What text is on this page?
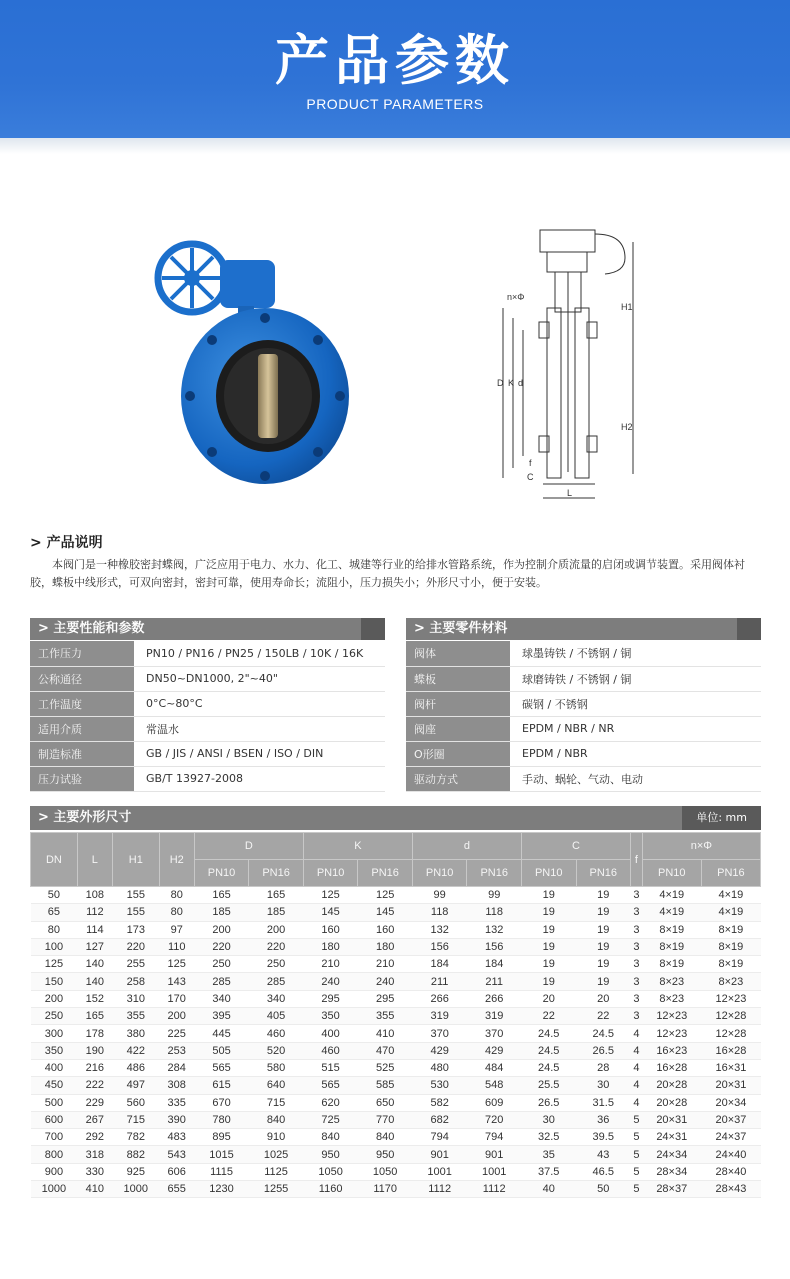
产品参数
PRODUCT PARAMETERS
n×Φ
H1
H2
D K d
f
C
L
> 产品说明
本阀门是一种橡胶密封蝶阀，广泛应用于电力、水力、化工、城建等行业的给排水管路系统，作为控制介质流量的启闭或调节装置。采用阀体衬胶，蝶板中线形式，可双向密封，密封可靠，使用寿命长；流阻小，压力损失小；外形尺寸小，便于安装。
> 主要性能和参数
工作压力	PN10 / PN16 / PN25 / 150LB / 10K / 16K
公称通径	DN50~DN1000, 2"~40"
工作温度	0°C~80°C
适用介质	常温水
制造标准	GB / JIS / ANSI / BSEN / ISO / DIN
压力试验	GB/T 13927-2008
> 主要零件材料
阀体	球墨铸铁 / 不锈钢 / 铜
蝶板	球磨铸铁 / 不锈钢 / 铜
阀杆	碳钢 / 不锈钢
阀座	EPDM / NBR / NR
O形圈	EPDM / NBR
驱动方式	手动、蜗轮、气动、电动
> 主要外形尺寸	单位: mm
DN	L	H1	H2	D		K		d		C		f	n×Φ	
				PN10	PN16	PN10	PN16	PN10	PN16	PN10	PN16		PN10	PN16
50	108	155	80	165	165	125	125	99	99	19	19	3	4×19	4×19
65	112	155	80	185	185	145	145	118	118	19	19	3	4×19	4×19
80	114	173	97	200	200	160	160	132	132	19	19	3	8×19	8×19
100	127	220	110	220	220	180	180	156	156	19	19	3	8×19	8×19
125	140	255	125	250	250	210	210	184	184	19	19	3	8×19	8×19
150	140	258	143	285	285	240	240	211	211	19	19	3	8×23	8×23
200	152	310	170	340	340	295	295	266	266	20	20	3	8×23	12×23
250	165	355	200	395	405	350	355	319	319	22	22	3	12×23	12×28
300	178	380	225	445	460	400	410	370	370	24.5	24.5	4	12×23	12×28
350	190	422	253	505	520	460	470	429	429	24.5	26.5	4	16×23	16×28
400	216	486	284	565	580	515	525	480	484	24.5	28	4	16×28	16×31
450	222	497	308	615	640	565	585	530	548	25.5	30	4	20×28	20×31
500	229	560	335	670	715	620	650	582	609	26.5	31.5	4	20×28	20×34
600	267	715	390	780	840	725	770	682	720	30	36	5	20×31	20×37
700	292	782	483	895	910	840	840	794	794	32.5	39.5	5	24×31	24×37
800	318	882	543	1015	1025	950	950	901	901	35	43	5	24×34	24×40
900	330	925	606	1115	1125	1050	1050	1001	1001	37.5	46.5	5	28×34	28×40
1000	410	1000	655	1230	1255	1160	1170	1112	1112	40	50	5	28×37	28×43
